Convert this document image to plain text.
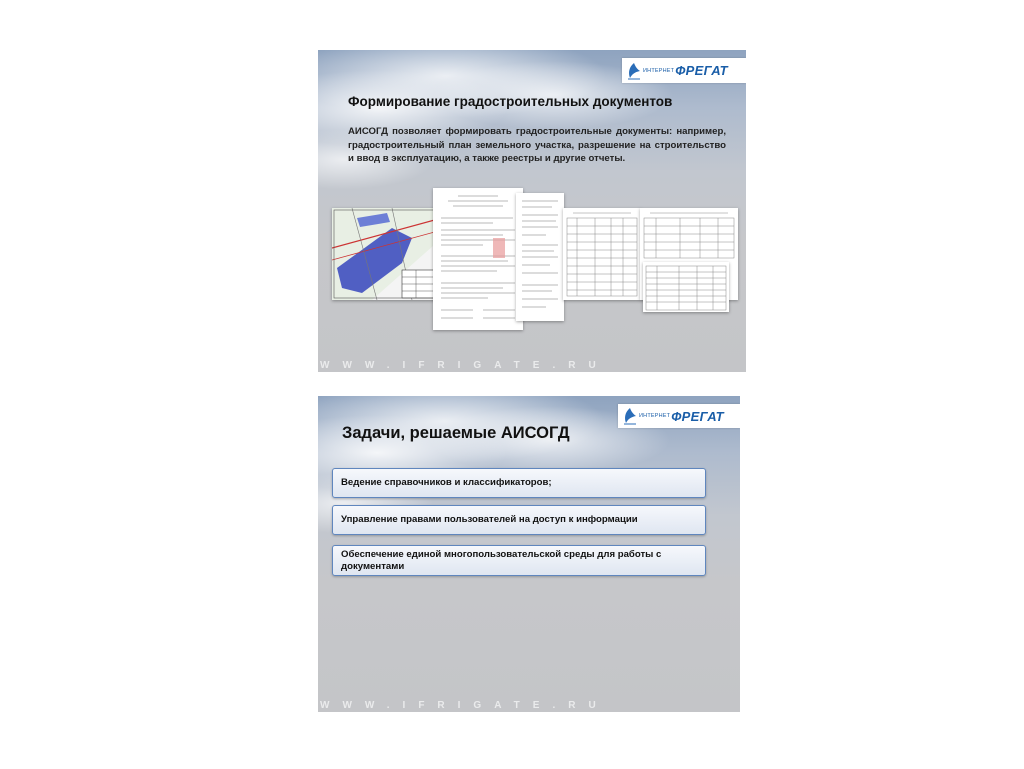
ИНТЕРНЕТ ФРЕГАТ
Формирование градостроительных документов
АИСОГД позволяет формировать градостроительные документы: например, градостроительный план земельного участка, разрешение на строительство и ввод в эксплуатацию, а также реестры и другие отчеты.
WWW.IFRIGATE.RU
ИНТЕРНЕТ ФРЕГАТ
Задачи, решаемые АИСОГД
Ведение справочников и классификаторов;
Управление правами пользователей на доступ к информации
Обеспечение единой многопользовательской среды для работы с документами
WWW.IFRIGATE.RU
